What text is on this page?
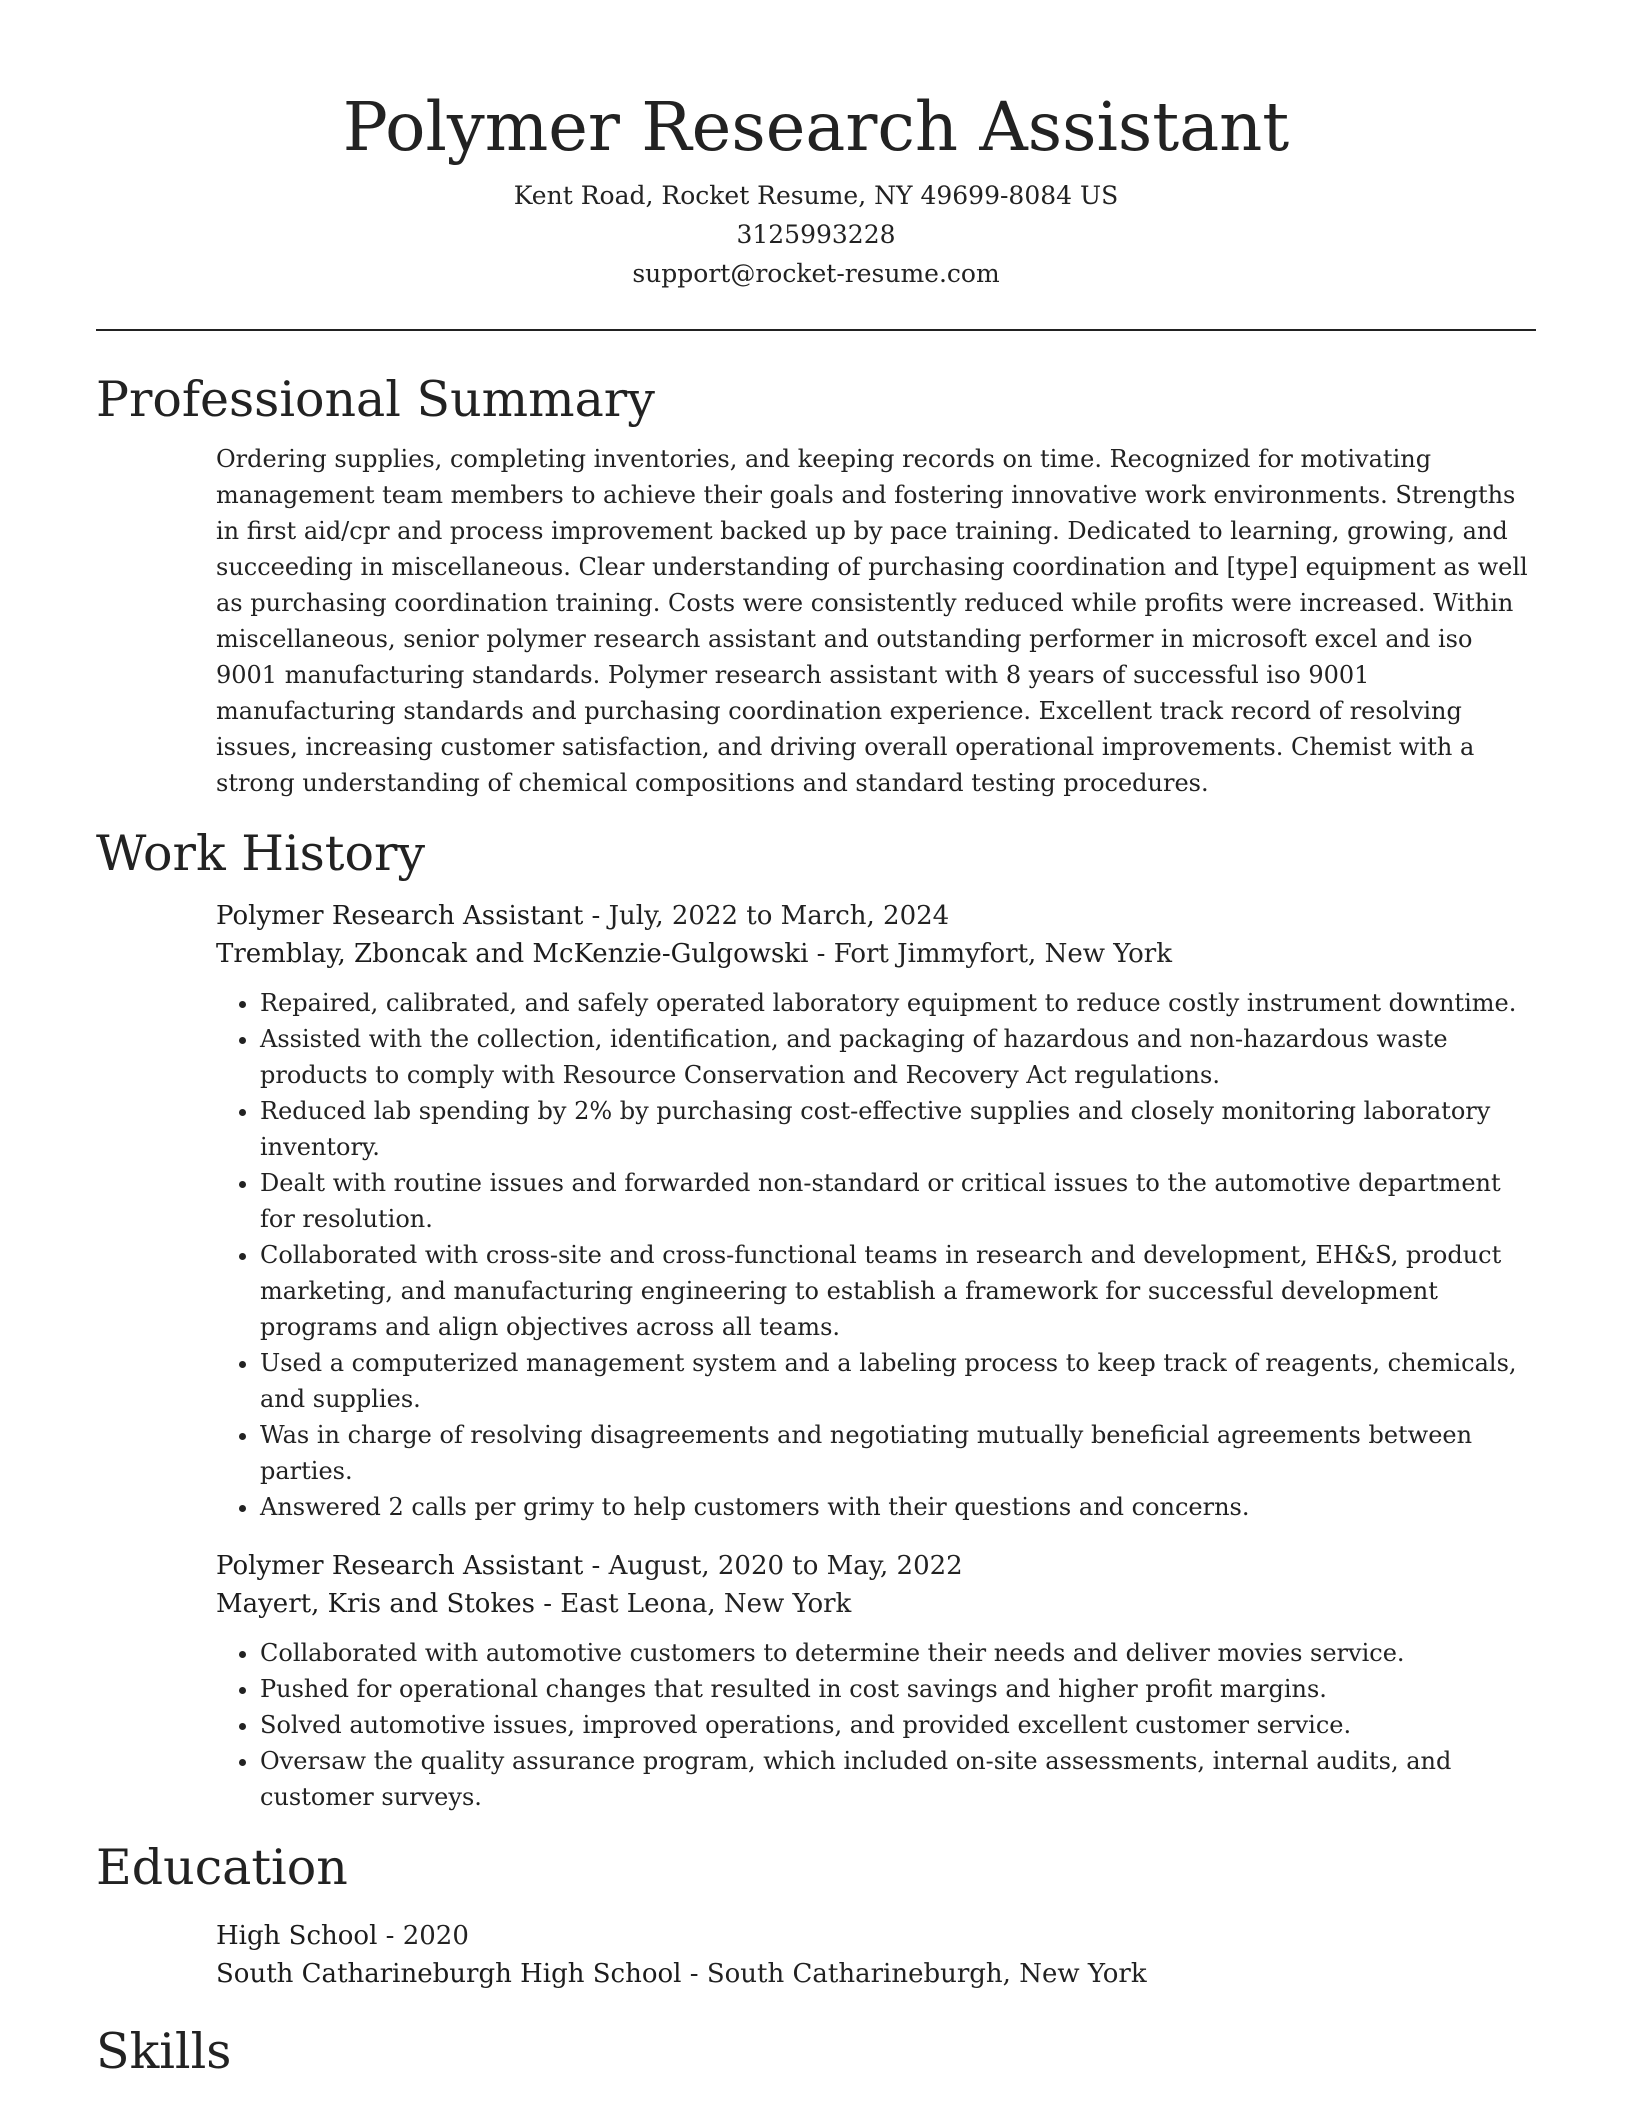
Polymer Research Assistant
Kent Road, Rocket Resume, NY 49699-8084 US
3125993228
support@rocket-resume.com
Professional Summary
Ordering supplies, completing inventories, and keeping records on time. Recognized for motivating management team members to achieve their goals and fostering innovative work environments. Strengths in first aid/cpr and process improvement backed up by pace training. Dedicated to learning, growing, and succeeding in miscellaneous. Clear understanding of purchasing coordination and [type] equipment as well as purchasing coordination training. Costs were consistently reduced while profits were increased. Within miscellaneous, senior polymer research assistant and outstanding performer in microsoft excel and iso 9001 manufacturing standards. Polymer research assistant with 8 years of successful iso 9001 manufacturing standards and purchasing coordination experience. Excellent track record of resolving issues, increasing customer satisfaction, and driving overall operational improvements. Chemist with a strong understanding of chemical compositions and standard testing procedures.
Work History
Polymer Research Assistant - July, 2022 to March, 2024
Tremblay, Zboncak and McKenzie-Gulgowski - Fort Jimmyfort, New York
• Repaired, calibrated, and safely operated laboratory equipment to reduce costly instrument downtime.
• Assisted with the collection, identification, and packaging of hazardous and non-hazardous waste products to comply with Resource Conservation and Recovery Act regulations.
• Reduced lab spending by 2% by purchasing cost-effective supplies and closely monitoring laboratory inventory.
• Dealt with routine issues and forwarded non-standard or critical issues to the automotive department for resolution.
• Collaborated with cross-site and cross-functional teams in research and development, EH&S, product marketing, and manufacturing engineering to establish a framework for successful development programs and align objectives across all teams.
• Used a computerized management system and a labeling process to keep track of reagents, chemicals, and supplies.
• Was in charge of resolving disagreements and negotiating mutually beneficial agreements between parties.
• Answered 2 calls per grimy to help customers with their questions and concerns.
Polymer Research Assistant - August, 2020 to May, 2022
Mayert, Kris and Stokes - East Leona, New York
• Collaborated with automotive customers to determine their needs and deliver movies service.
• Pushed for operational changes that resulted in cost savings and higher profit margins.
• Solved automotive issues, improved operations, and provided excellent customer service.
• Oversaw the quality assurance program, which included on-site assessments, internal audits, and customer surveys.
Education
High School - 2020
South Catharineburgh High School - South Catharineburgh, New York
Skills
